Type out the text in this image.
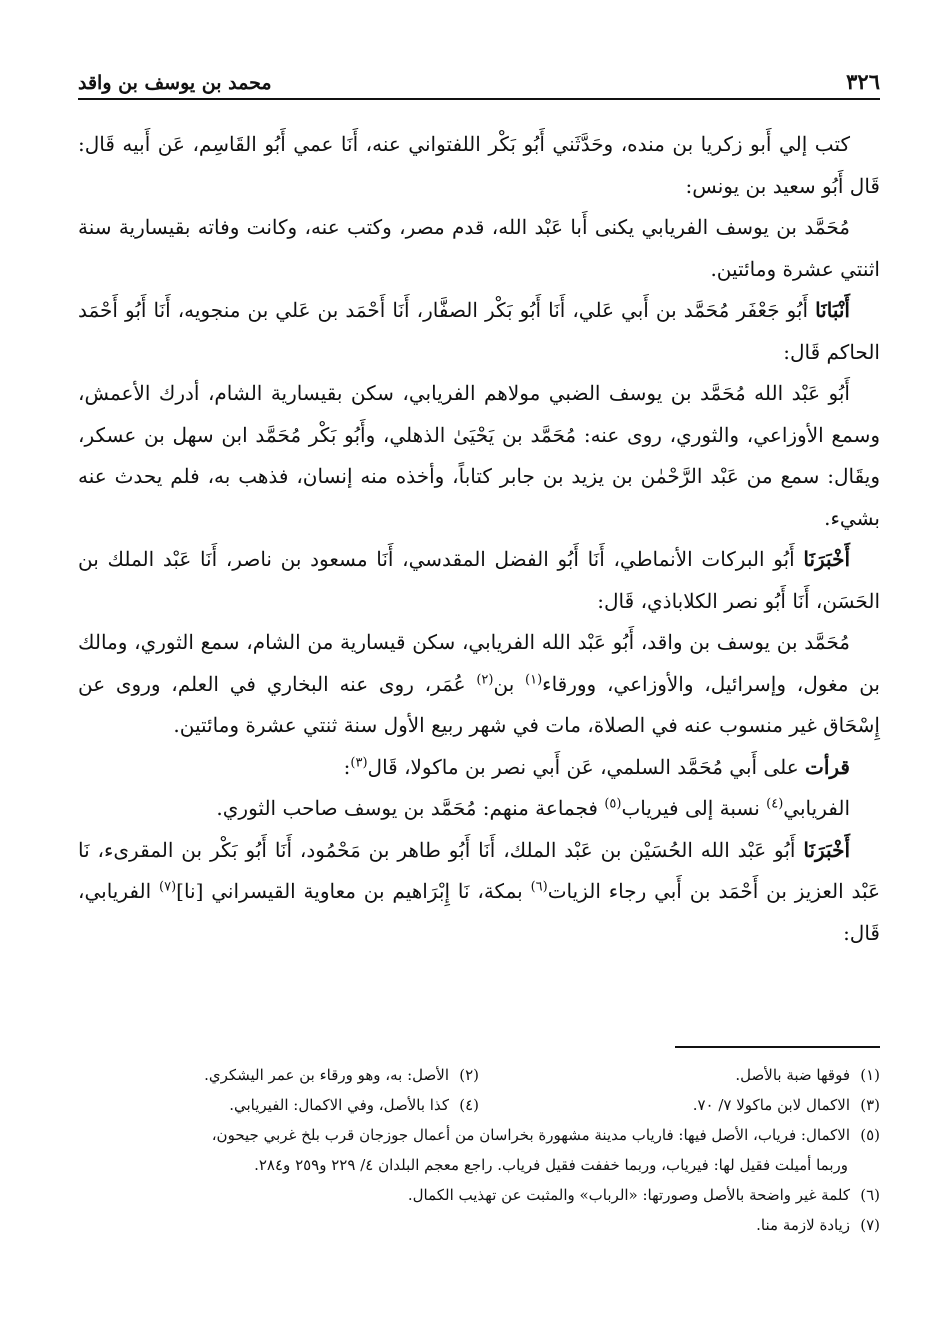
٣٢٦
محمد بن يوسف بن واقد

كتب إلي أَبو زكريا بن منده، وحَدَّثَني أَبُو بَكْر اللفتواني عنه، أَنَا عمي أَبُو القَاسِم، عَن أَبيه قَال: قَال أَبُو سعيد بن يونس:

مُحَمَّد بن يوسف الفريابي يكنى أَبا عَبْد الله، قدم مصر، وكتب عنه، وكانت وفاته بقيسارية سنة اثنتي عشرة ومائتين.

أَنْبَانَا أَبُو جَعْفَر مُحَمَّد بن أَبي عَلي، أَنَا أَبُو بَكْر الصفَّار، أَنَا أَحْمَد بن عَلي بن منجويه، أَنَا أَبُو أَحْمَد الحاكم قَال:

أَبُو عَبْد الله مُحَمَّد بن يوسف الضبي مولاهم الفريابي، سكن بقيسارية الشام، أدرك الأعمش، وسمع الأوزاعي، والثوري، روى عنه: مُحَمَّد بن يَحْيَىٰ الذهلي، وأَبُو بَكْر مُحَمَّد ابن سهل بن عسكر، ويقَال: سمع من عَبْد الرَّحْمٰن بن يزيد بن جابر كتاباً، وأخذه منه إنسان، فذهب به، فلم يحدث عنه بشيء.

أَخْبَرَنَا أَبُو البركات الأنماطي، أَنَا أَبُو الفضل المقدسي، أَنَا مسعود بن ناصر، أَنَا عَبْد الملك بن الحَسَن، أَنَا أَبُو نصر الكلاباذي، قَال:

مُحَمَّد بن يوسف بن واقد، أَبُو عَبْد الله الفريابي، سكن قيسارية من الشام، سمع الثوري، ومالك بن مغول، وإسرائيل، والأوزاعي، وورقاء$^{(١)}$ بن$^{(٢)}$ عُمَر، روى عنه البخاري في العلم، وروى عن إِسْحَاق غير منسوب عنه في الصلاة، مات في شهر ربيع الأول سنة ثنتي عشرة ومائتين.

قرأت على أَبي مُحَمَّد السلمي، عَن أَبي نصر بن ماكولا، قَال$^{(٣)}$:

الفريابي$^{(٤)}$ نسبة إلى فيرياب$^{(٥)}$ فجماعة منهم: مُحَمَّد بن يوسف صاحب الثوري.

أَخْبَرَنَا أَبُو عَبْد الله الحُسَيْن بن عَبْد الملك، أَنَا أَبُو طاهر بن مَحْمُود، أَنَا أَبُو بَكْر بن المقرىء، نَا عَبْد العزيز بن أَحْمَد بن أَبي رجاء الزيات$^{(٦)}$ بمكة، نَا إِبْرَاهيم بن معاوية القيسراني [نا]$^{(٧)}$ الفريابي، قَال:

(١)فوقها ضبة بالأصل.
(٢)الأصل: به، وهو ورقاء بن عمر اليشكري.
(٣)الاكمال لابن ماكولا ٧/ ٧٠.
(٤)كذا بالأصل، وفي الاكمال: الفيريابي.
(٥)الاكمال: فرياب، الأصل فيها: فارياب مدينة مشهورة بخراسان من أعمال جوزجان قرب بلخ غربي جيحون،
وربما أميلت فقيل لها: فيرياب، وربما خففت فقيل فرياب. راجع معجم البلدان ٤/ ٢٢٩ و٢٥٩ و٢٨٤.
(٦)كلمة غير واضحة بالأصل وصورتها: «الرباب» والمثبت عن تهذيب الكمال.
(٧)زيادة لازمة منا.
